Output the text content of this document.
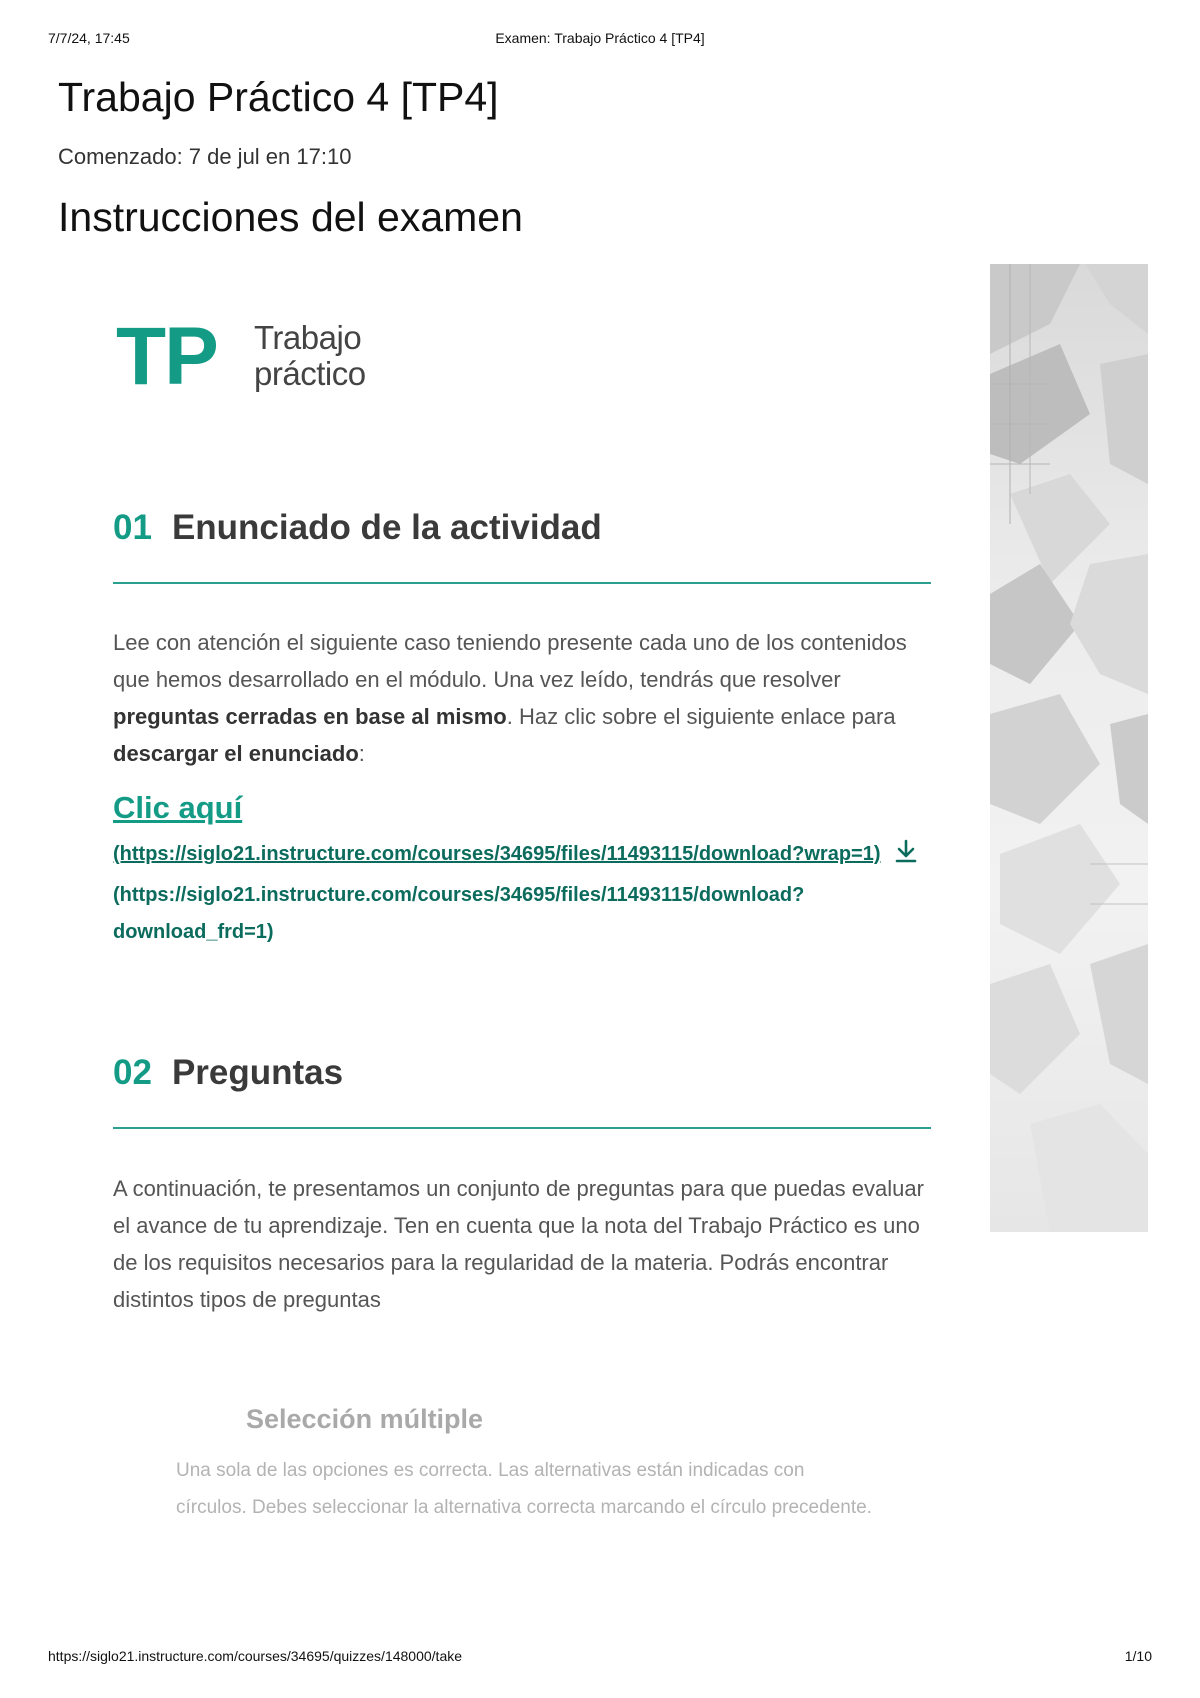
7/7/24, 17:45	Examen: Trabajo Práctico 4 [TP4]
Trabajo Práctico 4 [TP4]
Comenzado: 7 de jul en 17:10
Instrucciones del examen
TP Trabajo
práctico
01 Enunciado de la actividad

Lee con atención el siguiente caso teniendo presente cada uno de los contenidos que hemos desarrollado en el módulo. Una vez leído, tendrás que resolver preguntas cerradas en base al mismo. Haz clic sobre el siguiente enlace para descargar el enunciado:

Clic aquí

(https://siglo21.instructure.com/courses/34695/files/11493115/download?wrap=1)
(https://siglo21.instructure.com/courses/34695/files/11493115/download?download_frd=1)

02 Preguntas

A continuación, te presentamos un conjunto de preguntas para que puedas evaluar el avance de tu aprendizaje. Ten en cuenta que la nota del Trabajo Práctico es uno de los requisitos necesarios para la regularidad de la materia. Podrás encontrar distintos tipos de preguntas

Selección múltiple

Una sola de las opciones es correcta. Las alternativas están indicadas con círculos. Debes seleccionar la alternativa correcta marcando el círculo precedente.

https://siglo21.instructure.com/courses/34695/quizzes/148000/take	1/10
